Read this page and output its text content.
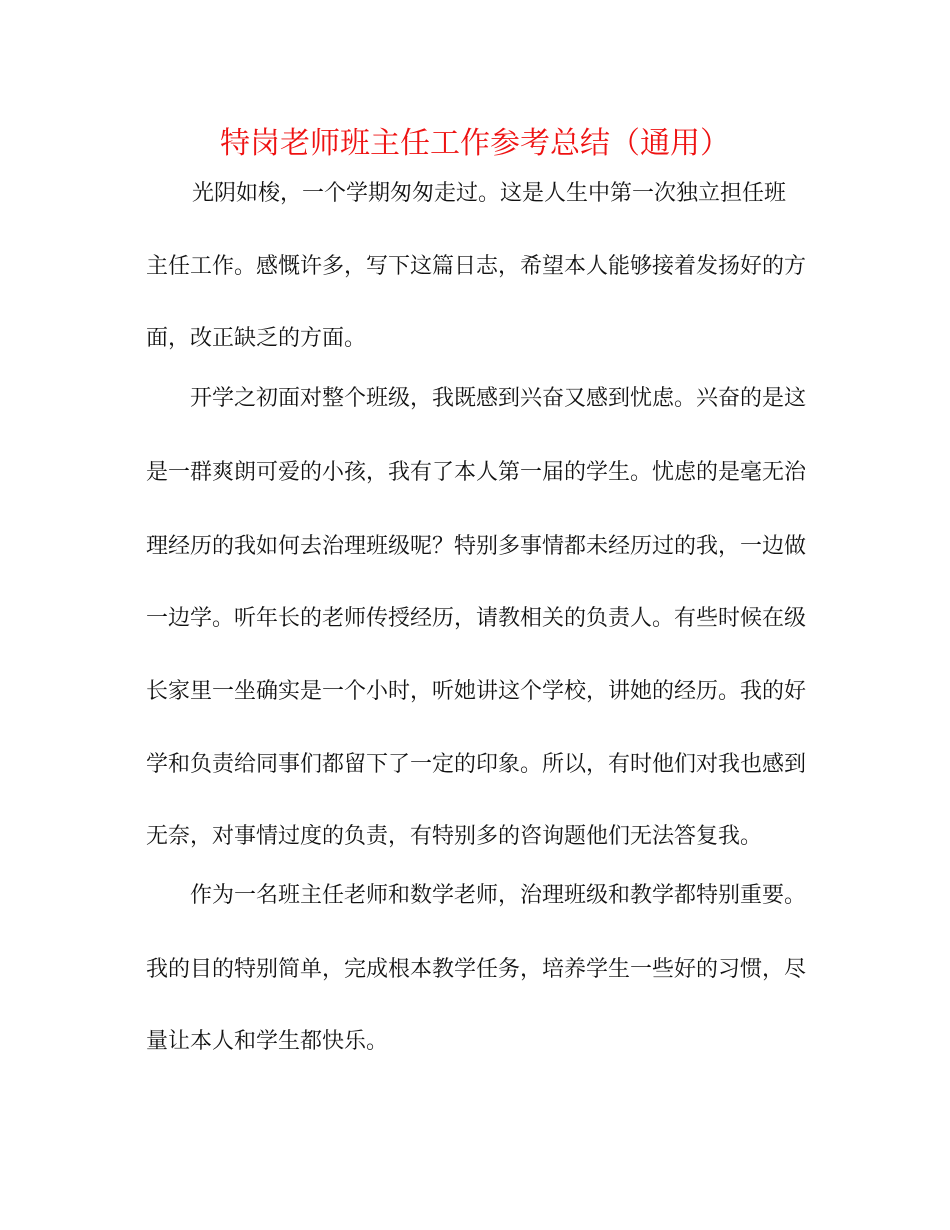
特岗老师班主任工作参考总结（通用）
光阴如梭，一个学期匆匆走过。这是人生中第一次独立担任班
主任工作。感慨许多，写下这篇日志，希望本人能够接着发扬好的方
面，改正缺乏的方面。
开学之初面对整个班级，我既感到兴奋又感到忧虑。兴奋的是这
是一群爽朗可爱的小孩，我有了本人第一届的学生。忧虑的是毫无治
理经历的我如何去治理班级呢？特别多事情都未经历过的我，一边做
一边学。听年长的老师传授经历，请教相关的负责人。有些时候在级
长家里一坐确实是一个小时，听她讲这个学校，讲她的经历。我的好
学和负责给同事们都留下了一定的印象。所以，有时他们对我也感到
无奈，对事情过度的负责，有特别多的咨询题他们无法答复我。
作为一名班主任老师和数学老师，治理班级和教学都特别重要。
我的目的特别简单，完成根本教学任务，培养学生一些好的习惯，尽
量让本人和学生都快乐。
